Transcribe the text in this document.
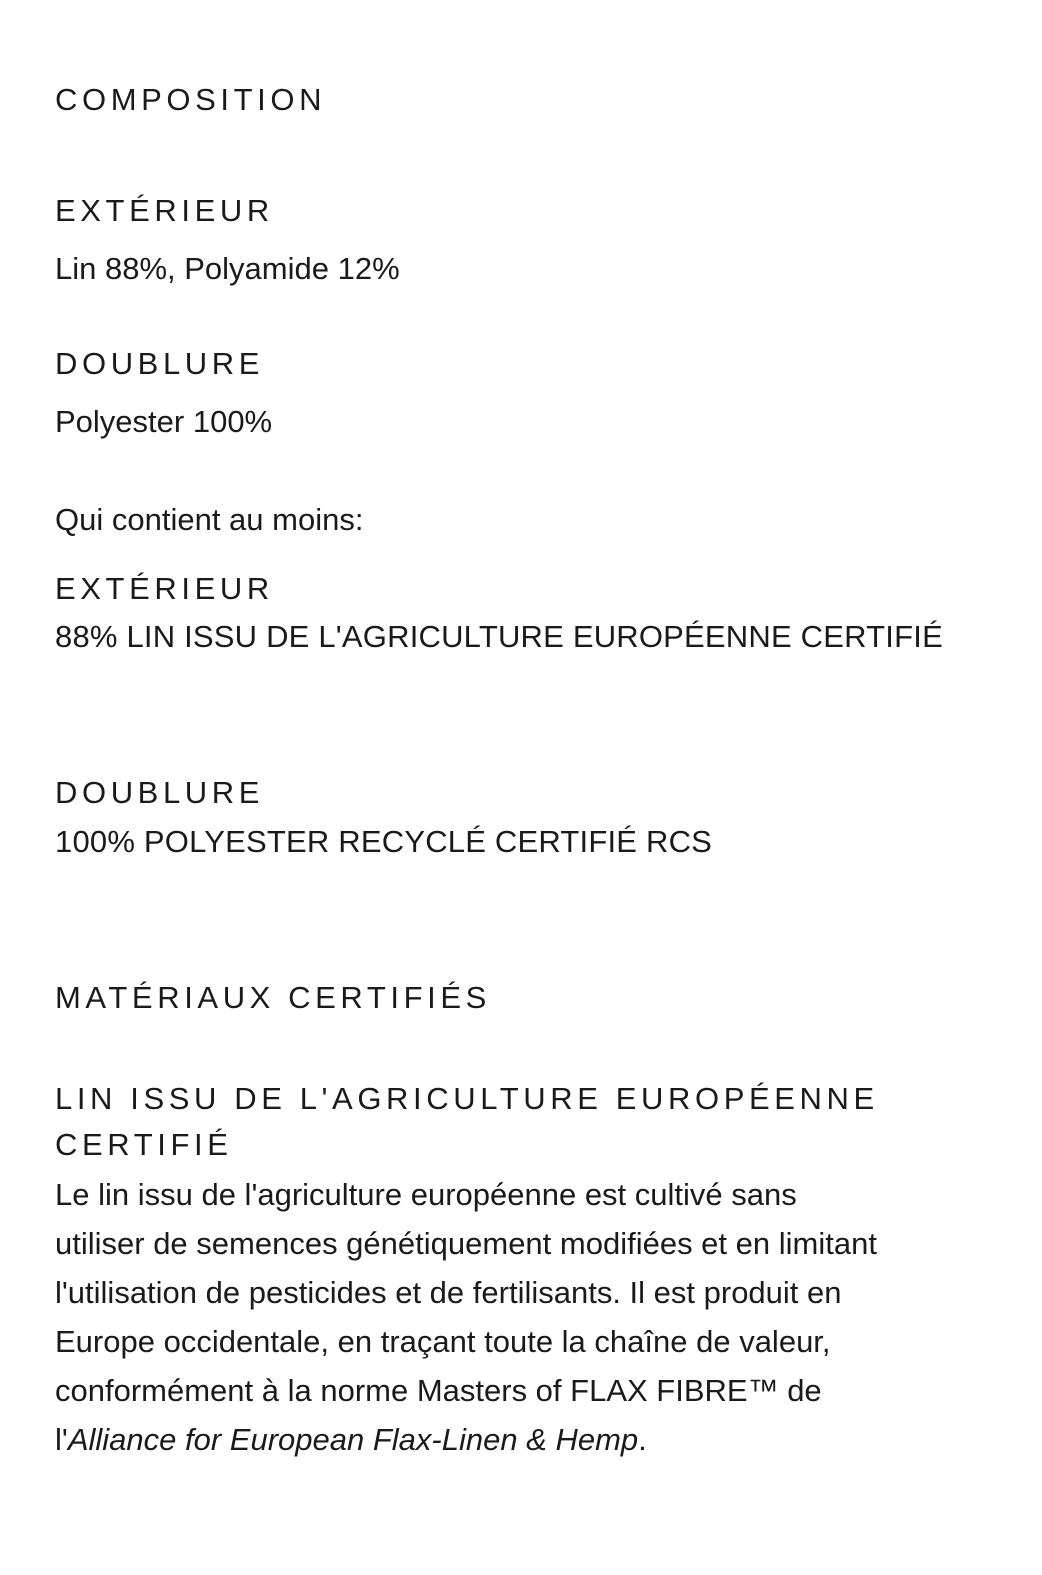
COMPOSITION
EXTÉRIEUR
Lin 88%, Polyamide 12%
DOUBLURE
Polyester 100%
Qui contient au moins:
EXTÉRIEUR
88% LIN ISSU DE L'AGRICULTURE EUROPÉENNE CERTIFIÉ
DOUBLURE
100% POLYESTER RECYCLÉ CERTIFIÉ RCS
MATÉRIAUX CERTIFIÉS
LIN ISSU DE L'AGRICULTURE EUROPÉENNE
CERTIFIÉ
Le lin issu de l'agriculture européenne est cultivé sans
utiliser de semences génétiquement modifiées et en limitant
l'utilisation de pesticides et de fertilisants. Il est produit en
Europe occidentale, en traçant toute la chaîne de valeur,
conformément à la norme Masters of FLAX FIBRE™ de
l'Alliance for European Flax-Linen & Hemp.
